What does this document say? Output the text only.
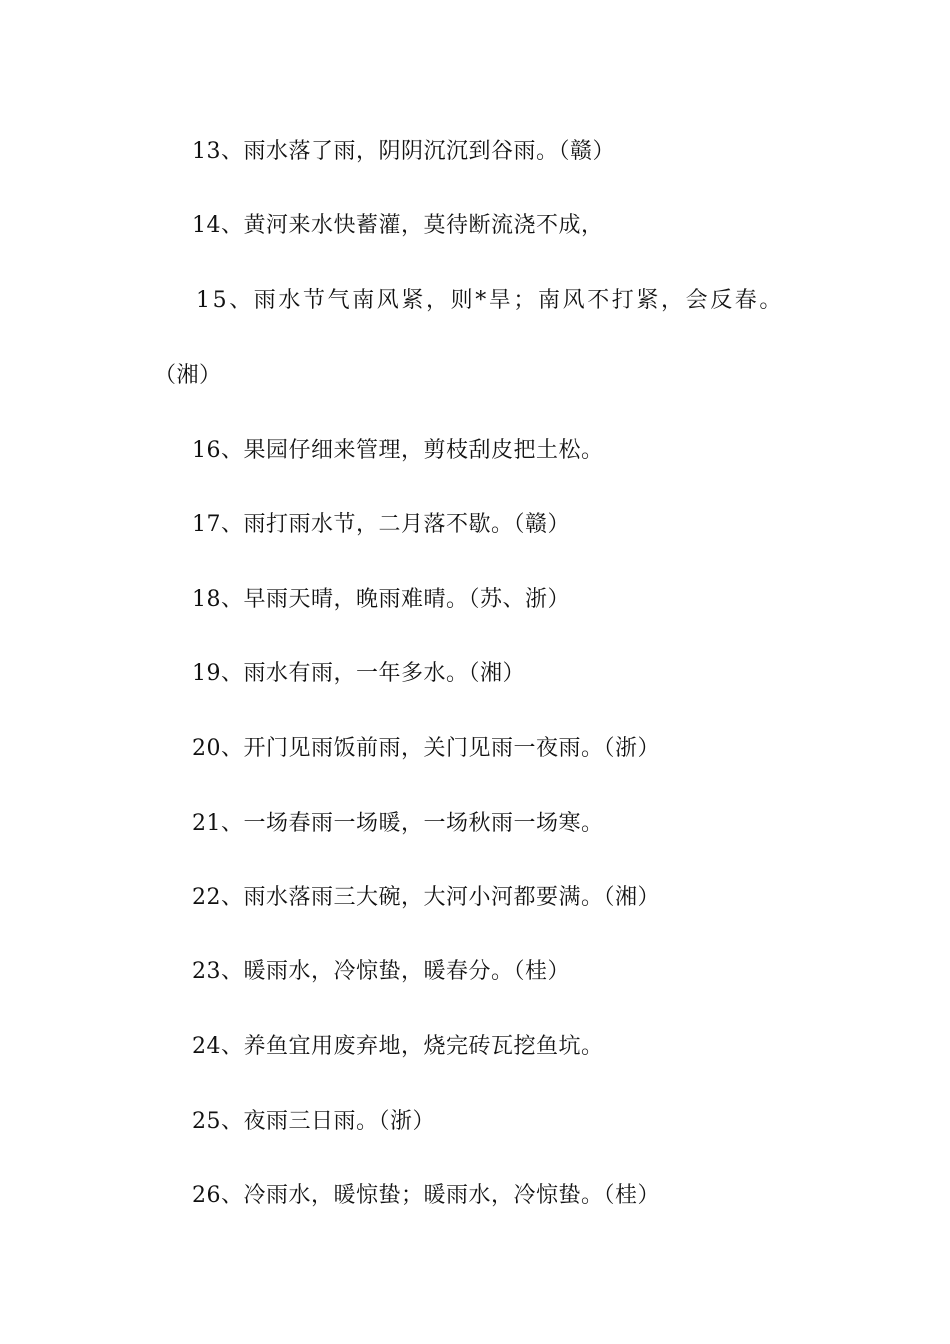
13、雨水落了雨，阴阴沉沉到谷雨。（赣）
14、黄河来水快蓄灌，莫待断流浇不成，
15、雨水节气南风紧，则*旱；南风不打紧，会反春。
（湘）
16、果园仔细来管理，剪枝刮皮把土松。
17、雨打雨水节，二月落不歇。（赣）
18、早雨天晴，晚雨难晴。（苏、浙）
19、雨水有雨，一年多水。（湘）
20、开门见雨饭前雨，关门见雨一夜雨。（浙）
21、一场春雨一场暖，一场秋雨一场寒。
22、雨水落雨三大碗，大河小河都要满。（湘）
23、暖雨水，冷惊蛰，暖春分。（桂）
24、养鱼宜用废弃地，烧完砖瓦挖鱼坑。
25、夜雨三日雨。（浙）
26、冷雨水，暖惊蛰；暖雨水，冷惊蛰。（桂）
